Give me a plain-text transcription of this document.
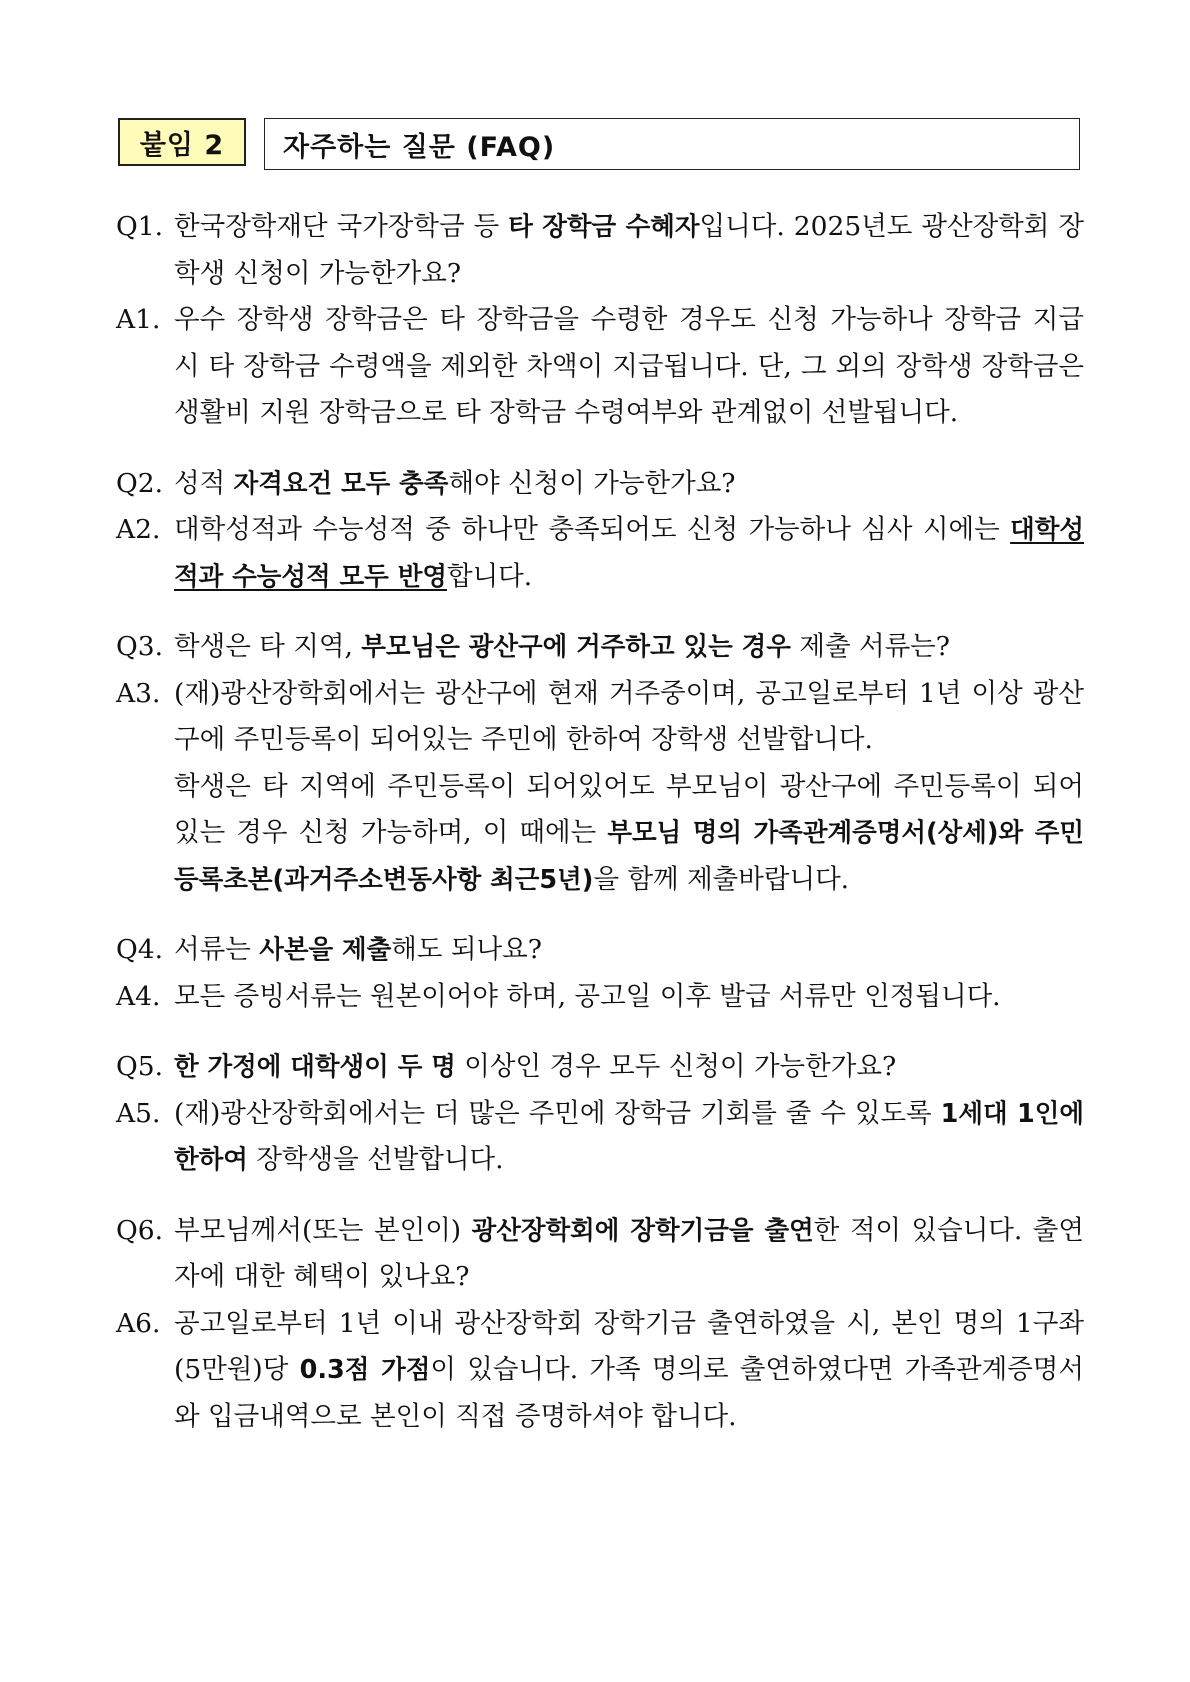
붙임 2	자주하는 질문 (FAQ)
Q1. 한국장학재단 국가장학금 등 타 장학금 수혜자입니다. 2025년도 광산장학회 장학생 신청이 가능한가요?
A1. 우수 장학생 장학금은 타 장학금을 수령한 경우도 신청 가능하나 장학금 지급 시 타 장학금 수령액을 제외한 차액이 지급됩니다. 단, 그 외의 장학생 장학금은 생활비 지원 장학금으로 타 장학금 수령여부와 관계없이 선발됩니다.
Q2. 성적 자격요건 모두 충족해야 신청이 가능한가요?
A2. 대학성적과 수능성적 중 하나만 충족되어도 신청 가능하나 심사 시에는 대학성적과 수능성적 모두 반영합니다.
Q3. 학생은 타 지역, 부모님은 광산구에 거주하고 있는 경우 제출 서류는?
A3. (재)광산장학회에서는 광산구에 현재 거주중이며, 공고일로부터 1년 이상 광산구에 주민등록이 되어있는 주민에 한하여 장학생 선발합니다.
학생은 타 지역에 주민등록이 되어있어도 부모님이 광산구에 주민등록이 되어있는 경우 신청 가능하며, 이 때에는 부모님 명의 가족관계증명서(상세)와 주민등록초본(과거주소변동사항 최근5년)을 함께 제출바랍니다.
Q4. 서류는 사본을 제출해도 되나요?
A4. 모든 증빙서류는 원본이어야 하며, 공고일 이후 발급 서류만 인정됩니다.
Q5. 한 가정에 대학생이 두 명 이상인 경우 모두 신청이 가능한가요?
A5. (재)광산장학회에서는 더 많은 주민에 장학금 기회를 줄 수 있도록 1세대 1인에 한하여 장학생을 선발합니다.
Q6. 부모님께서(또는 본인이) 광산장학회에 장학기금을 출연한 적이 있습니다. 출연자에 대한 혜택이 있나요?
A6. 공고일로부터 1년 이내 광산장학회 장학기금 출연하였을 시, 본인 명의 1구좌(5만원)당 0.3점 가점이 있습니다. 가족 명의로 출연하였다면 가족관계증명서와 입금내역으로 본인이 직접 증명하셔야 합니다.
